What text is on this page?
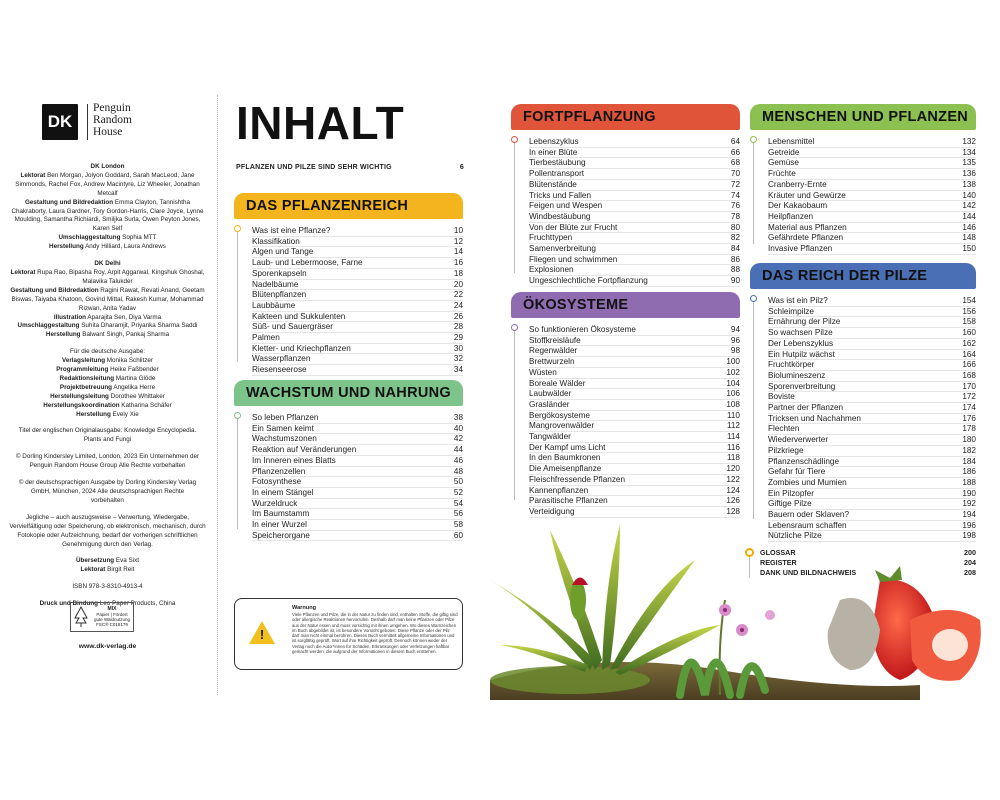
DK
Penguin
Random
House

DK London

Lektorat Ben Morgan, Jolyon Goddard, Sarah MacLeod, Jane Simmonds, Rachel Fox, Andrew Macintyre, Liz Wheeler, Jonathan Metcalf

Gestaltung und Bildredaktion Emma Clayton, Tannishtha Chakraborty, Laura Gardner, Tory Gordon-Harris, Clare Joyce, Lynne Moulding, Samantha Richiardi, Smiljka Surla, Owen Peyton Jones, Karen Self

Umschlaggestaltung Sophia MTT

Herstellung Andy Hilliard, Laura Andrews

DK Delhi

Lektorat Rupa Rao, Bipasha Roy, Arpit Aggarwal, Kingshuk Ghoshal, Malavika Talukder

Gestaltung und Bildredaktion Ragini Rawat, Revati Anand, Geetam Biswas, Taiyaba Khatoon, Govind Mittal, Rakesh Kumar, Mohammad Rizwan, Anita Yadav

Illustration Aparajita Sen, Diya Varma

Umschlaggestaltung Suhita Dharamjit, Priyanka Sharma Saddi

Herstellung Balwant Singh, Pankaj Sharma

Für die deutsche Ausgabe:

Verlagsleitung Monika Schlitzer

Programmleitung Heike Faßbender

Redaktionsleitung Martina Glöde

Projektbetreuung Angelika Herre

Herstellungsleitung Dorothee Whittaker

Herstellungskoordination Katharina Schäfer

Herstellung Evely Xie

Titel der englischen Originalausgabe: Knowledge Encyclopedia. Plants and Fungi

© Dorling Kindersley Limited, London, 2023 Ein Unternehmen der Penguin Random House Group Alle Rechte vorbehalten

© der deutschsprachigen Ausgabe by Dorling Kindersley Verlag GmbH, München, 2024 Alle deutschsprachigen Rechte vorbehalten

Jegliche – auch auszugsweise – Verwertung, Wiedergabe, Vervielfältigung oder Speicherung, ob elektronisch, mechanisch, durch Fotokopie oder Aufzeichnung, bedarf der vorherigen schriftlichen Genehmigung durch den Verlag.

Übersetzung Eva Sixt

Lektorat Birgit Reit

ISBN 978-3-8310-4913-4

Druck und Bindung Leo Paper Products, China

MIX
Papier | Fördert
gute Waldnutzung
FSC® C018179
www.dk-verlag.de
INHALT
PFLANZEN UND PILZE SIND SEHR WICHTIG	6
DAS PFLANZENREICH
Was ist eine Pflanze?	10
Klassifikation	12
Algen und Tange	14
Laub- und Lebermoose, Farne	16
Sporenkapseln	18
Nadelbäume	20
Blütenpflanzen	22
Laubbäume	24
Kakteen und Sukkulenten	26
Süß- und Sauergräser	28
Palmen	29
Kletter- und Kriechpflanzen	30
Wasserpflanzen	32
Riesenseerose	34
WACHSTUM UND NAHRUNG
So leben Pflanzen	38
Ein Samen keimt	40
Wachstumszonen	42
Reaktion auf Veränderungen	44
Im Inneren eines Blatts	46
Pflanzenzellen	48
Fotosynthese	50
In einem Stängel	52
Wurzeldruck	54
Im Baumstamm	56
In einer Wurzel	58
Speicherorgane	60
FORTPFLANZUNG
Lebenszyklus	64
In einer Blüte	66
Tierbestäubung	68
Pollentransport	70
Blütenstände	72
Tricks und Fallen	74
Feigen und Wespen	76
Windbestäubung	78
Von der Blüte zur Frucht	80
Fruchttypen	82
Samenverbreitung	84
Fliegen und schwimmen	86
Explosionen	88
Ungeschlechtliche Fortpflanzung	90
ÖKOSYSTEME
So funktionieren Ökosysteme	94
Stoffkreisläufe	96
Regenwälder	98
Brettwurzeln	100
Wüsten	102
Boreale Wälder	104
Laubwälder	106
Grasländer	108
Bergökosysteme	110
Mangrovenwälder	112
Tangwälder	114
Der Kampf ums Licht	116
In den Baumkronen	118
Die Ameisenpflanze	120
Fleischfressende Pflanzen	122
Kannenpflanzen	124
Parasitische Pflanzen	126
Verteidigung	128
MENSCHEN UND PFLANZEN
Lebensmittel	132
Getreide	134
Gemüse	135
Früchte	136
Cranberry-Ernte	138
Kräuter und Gewürze	140
Der Kakaobaum	142
Heilpflanzen	144
Material aus Pflanzen	146
Gefährdete Pflanzen	148
Invasive Pflanzen	150
DAS REICH DER PILZE
Was ist ein Pilz?	154
Schleimpilze	156
Ernährung der Pilze	158
So wachsen Pilze	160
Der Lebenszyklus	162
Ein Hutpilz wächst	164
Fruchtkörper	166
Biolumineszenz	168
Sporenverbreitung	170
Boviste	172
Partner der Pflanzen	174
Tricksen und Nachahmen	176
Flechten	178
Wiederverwerter	180
Pilzkriege	182
Pflanzenschädlinge	184
Gefahr für Tiere	186
Zombies und Mumien	188
Ein Pilzopfer	190
Giftige Pilze	192
Bauern oder Sklaven?	194
Lebensraum schaffen	196
Nützliche Pilze	198
!
Warnung
Viele Pflanzen und Pilze, die in der Natur zu finden sind, enthalten Stoffe, die giftig sind oder allergische Reaktionen hervorrufen. Deshalb darf man keine Pflanzen oder Pilze aus der Natur essen und muss vorsichtig mit ihnen umgehen. Wo dieses Warnzeichen im Buch abgebildet ist, ist besondere Vorsicht geboten: Diese Pflanze oder der Pilz darf man nicht einmal berühren. Dieses Buch vermittelt allgemeine Informationen und ist sorgfältig geprüft. Wort auf ihre Richtigkeit geprüft. Dennoch können weder der Verlag noch die Autor*innen für Schäden, Erkrankungen oder Verletzungen haftbar gemacht werden, die aufgrund der Informationen in diesem Buch entstehen.
GLOSSAR	200
REGISTER	204
DANK UND BILDNACHWEIS	208
